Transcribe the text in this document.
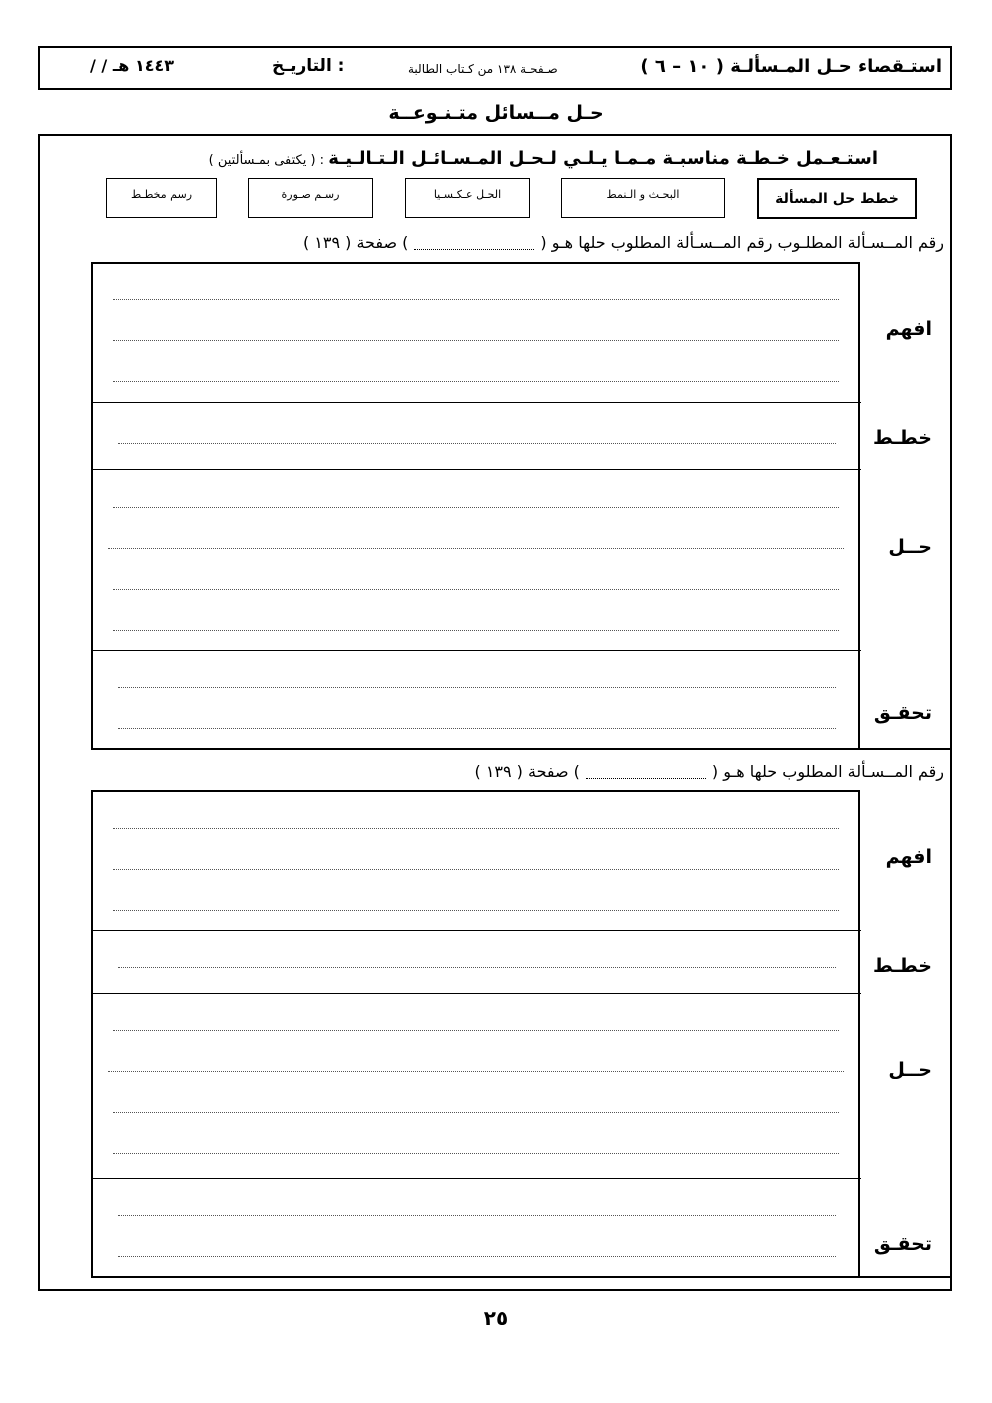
( ١٠ – ٦ ) استـقصاء حـل المـسألـة
صـفحـة ١٣٨ من كـتاب الطالبة
التاريـخ :
/ / ١٤٤٣ هـ
حـل مــسائل متـنـوعــة
استـعـمل خـطـة مناسبـة مـمـا يـلـي لـحـل المـسـائـل الـتـالـيـة : ( يكتفى بمـسألتين )
خطط حل المسألة
البحـث و الـنمط
الحـل عـكـسـيا
رسـم صـورة
رسم مخطـط
رقم المــسـألة المطلـوب رقم المــسـألة المطلوب حلها هـو () صفحة ( ١٣٩ )
افهم
خطـط
حــل
تحقـق
رقم المــسـألة المطلوب حلها هـو () صفحة ( ١٣٩ )
افهم
خطـط
حــل
تحقـق
٢٥
